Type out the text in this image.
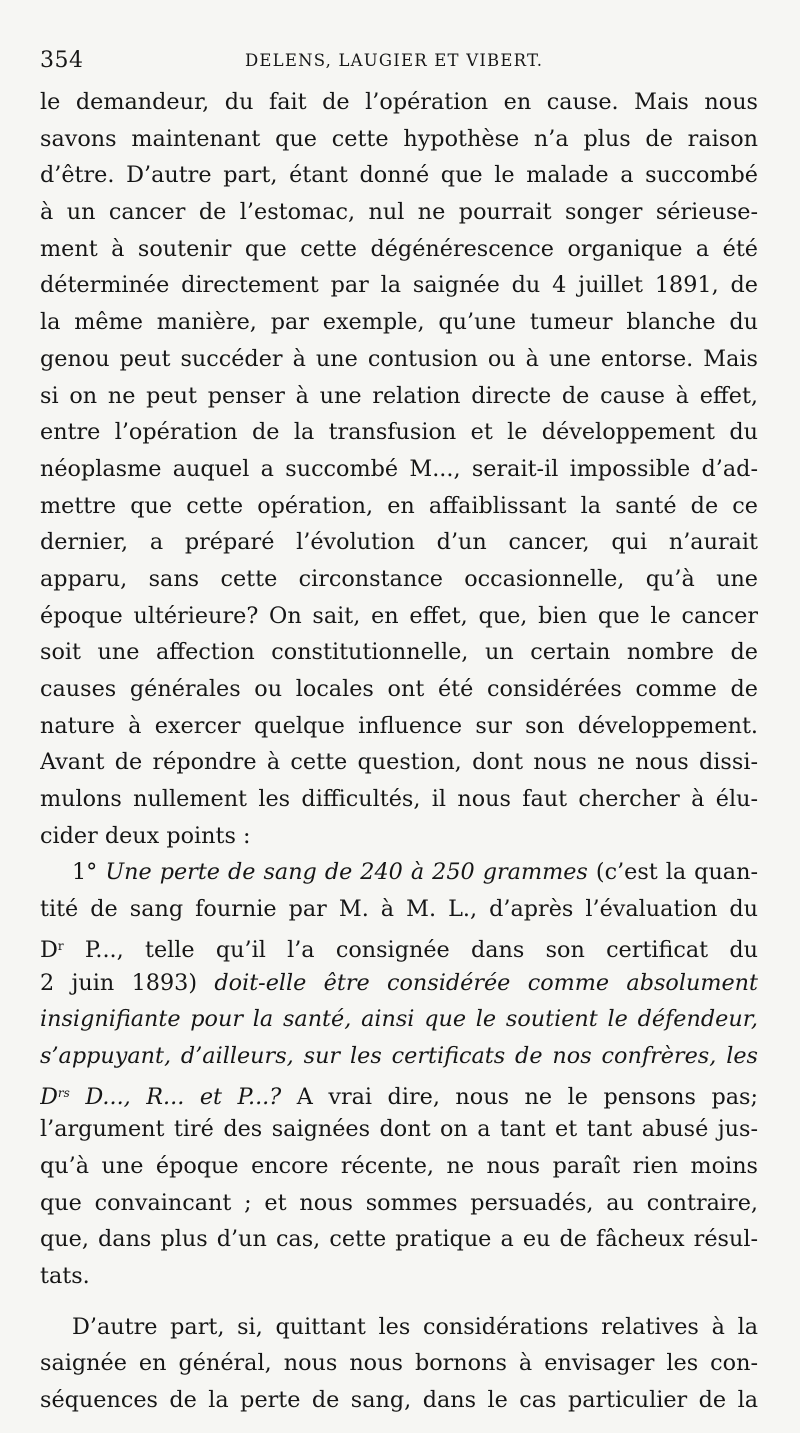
354	DELENS, LAUGIER ET VIBERT.
le demandeur, du fait de l’opération en cause. Mais nous
savons maintenant que cette hypothèse n’a plus de raison
d’être. D’autre part, étant donné que le malade a succombé
à un cancer de l’estomac, nul ne pourrait songer sérieuse-
ment à soutenir que cette dégénérescence organique a été
déterminée directement par la saignée du 4 juillet 1891, de
la même manière, par exemple, qu’une tumeur blanche du
genou peut succéder à une contusion ou à une entorse. Mais
si on ne peut penser à une relation directe de cause à effet,
entre l’opération de la transfusion et le développement du
néoplasme auquel a succombé M..., serait-il impossible d’ad-
mettre que cette opération, en affaiblissant la santé de ce
dernier, a préparé l’évolution d’un cancer, qui n’aurait
apparu, sans cette circonstance occasionnelle, qu’à une
époque ultérieure? On sait, en effet, que, bien que le cancer
soit une affection constitutionnelle, un certain nombre de
causes générales ou locales ont été considérées comme de
nature à exercer quelque influence sur son développement.
Avant de répondre à cette question, dont nous ne nous dissi-
mulons nullement les difficultés, il nous faut chercher à élu-
cider deux points :
1° Une perte de sang de 240 à 250 grammes (c’est la quan-
tité de sang fournie par M. à M. L., d’après l’évaluation du
$D^r$ P..., telle qu’il l’a consignée dans son certificat du
2 juin 1893) doit-elle être considérée comme absolument
insignifiante pour la santé, ainsi que le soutient le défendeur,
s’appuyant, d’ailleurs, sur les certificats de nos confrères, les
$D^{rs}$ D..., R... et P...? A vrai dire, nous ne le pensons pas;
l’argument tiré des saignées dont on a tant et tant abusé jus-
qu’à une époque encore récente, ne nous paraît rien moins
que convaincant ; et nous sommes persuadés, au contraire,
que, dans plus d’un cas, cette pratique a eu de fâcheux résul-
tats.
D’autre part, si, quittant les considérations relatives à la
saignée en général, nous nous bornons à envisager les con-
séquences de la perte de sang, dans le cas particulier de la
